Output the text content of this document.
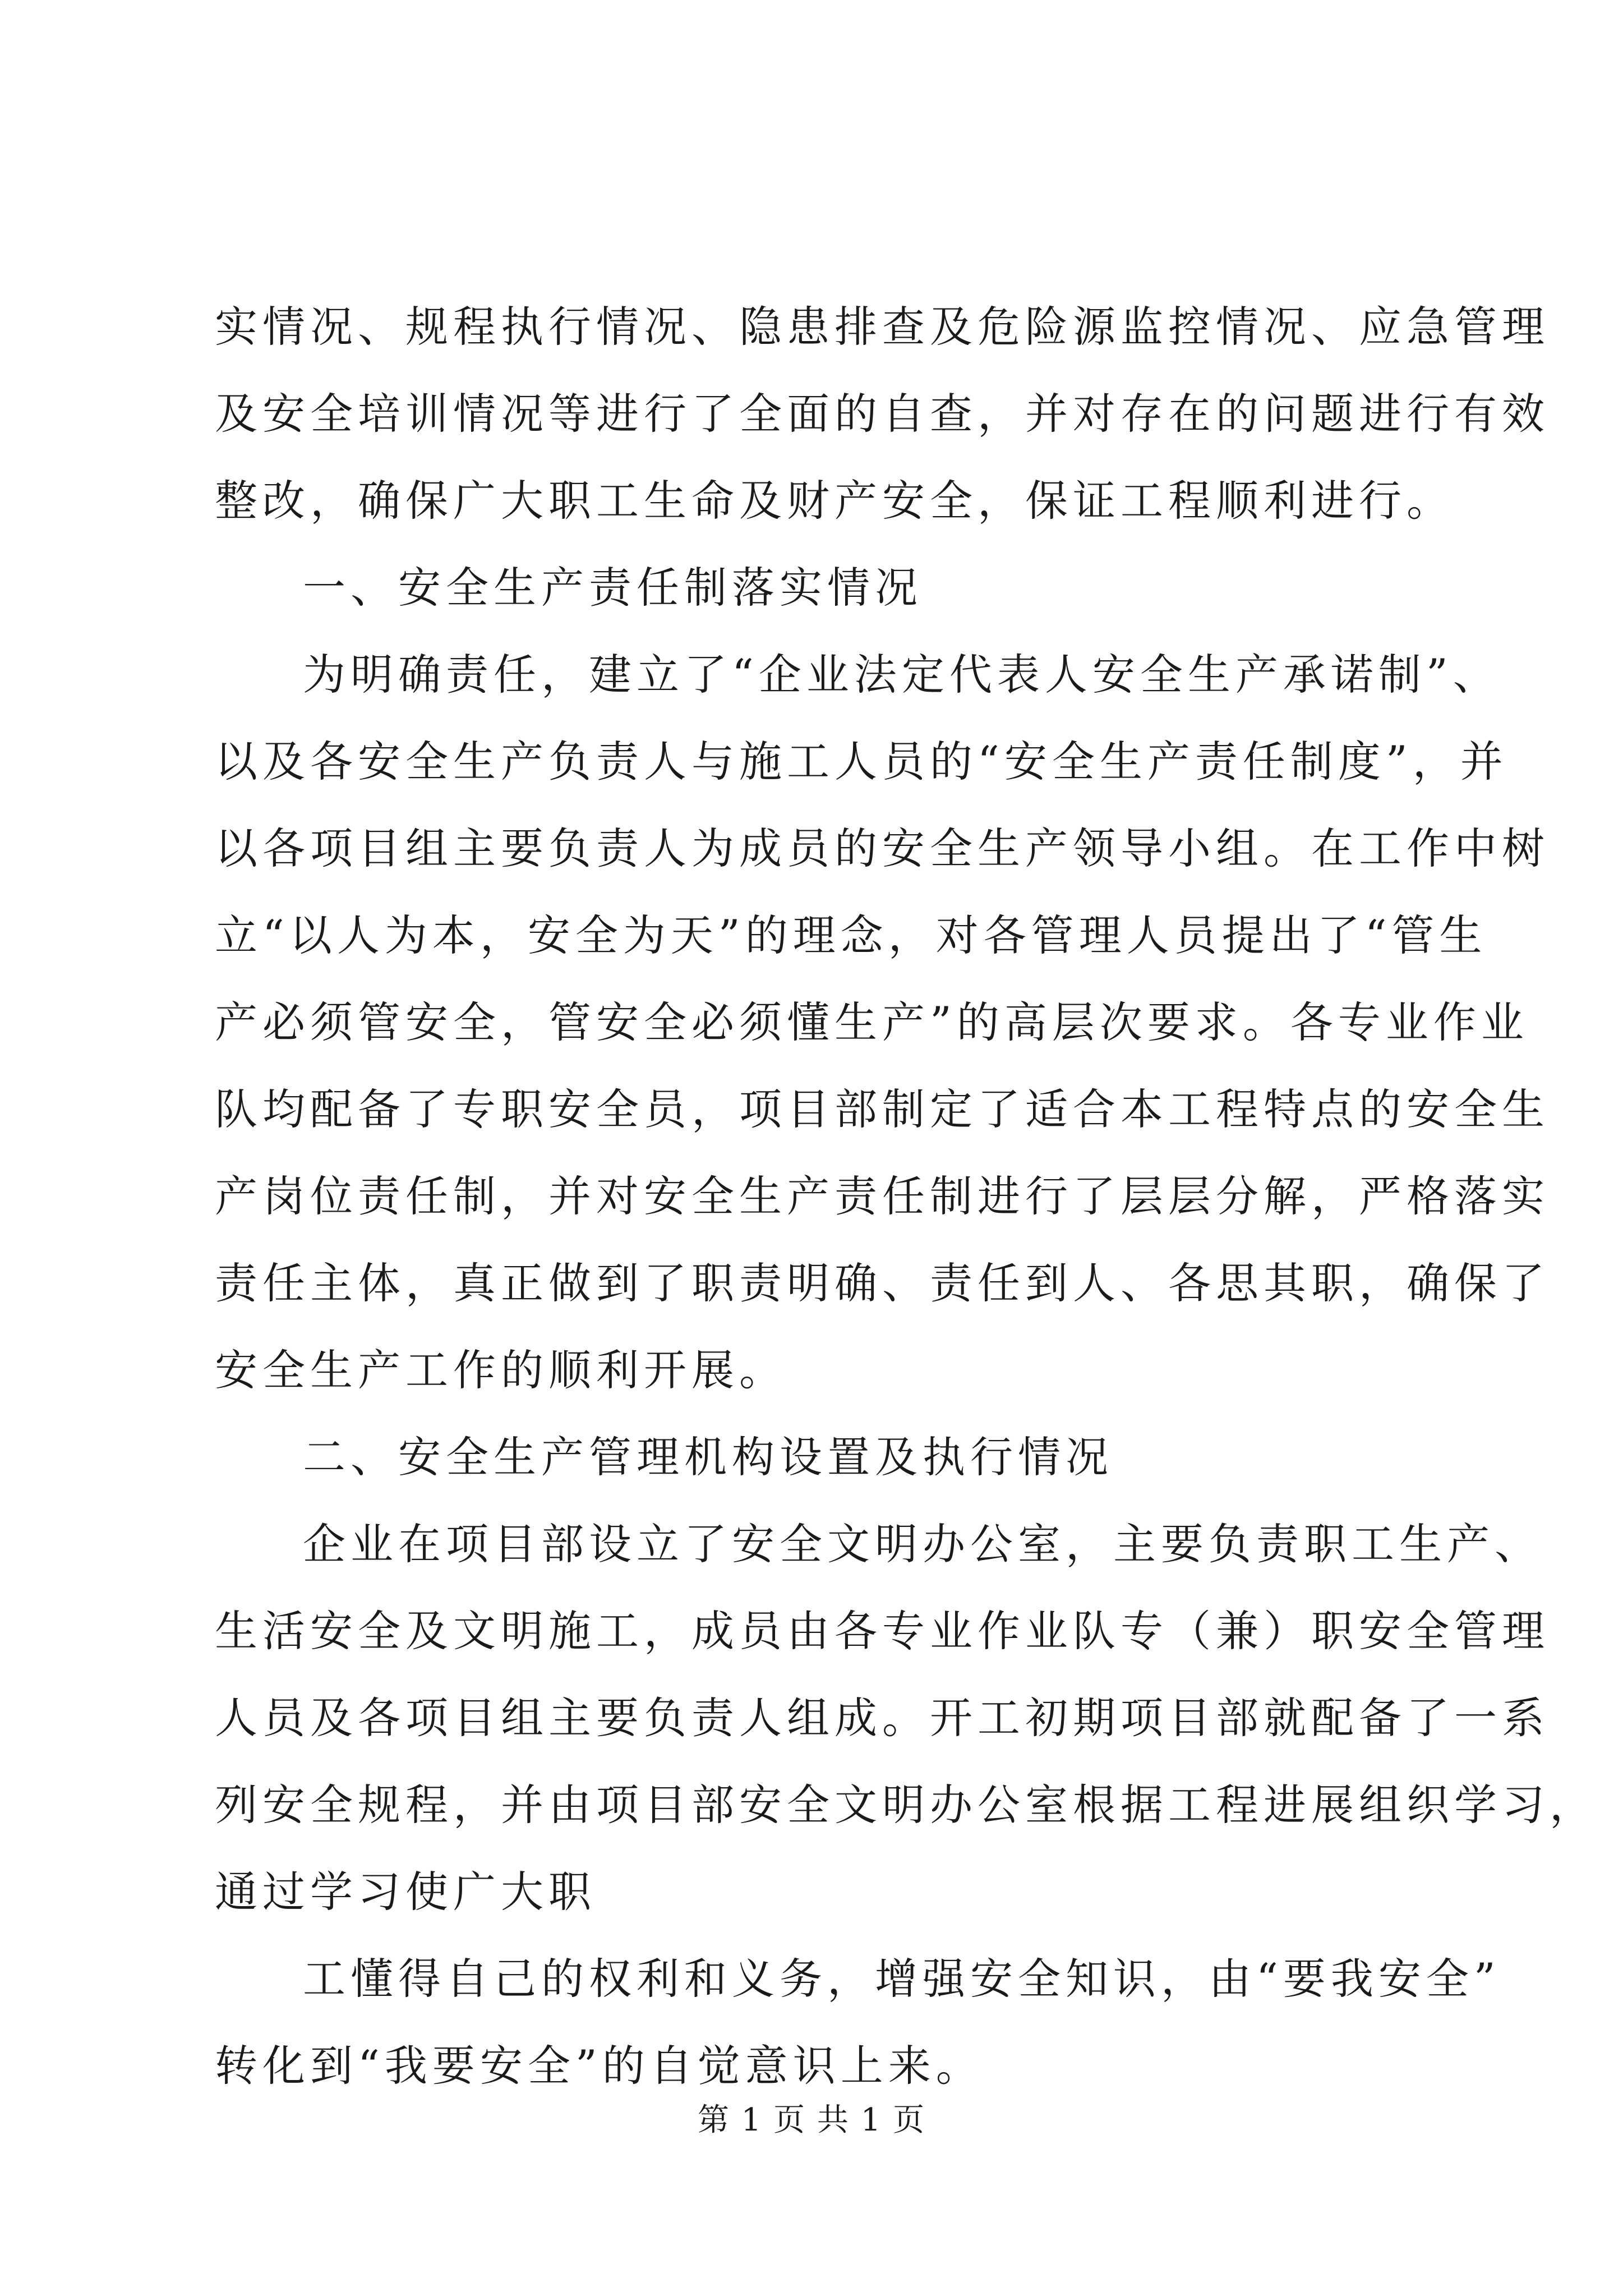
实情况、规程执行情况、隐患排查及危险源监控情况、应急管理
及安全培训情况等进行了全面的自查，并对存在的问题进行有效
整改，确保广大职工生命及财产安全，保证工程顺利进行。
一、安全生产责任制落实情况
为明确责任，建立了“企业法定代表人安全生产承诺制”、
以及各安全生产负责人与施工人员的“安全生产责任制度”，并
以各项目组主要负责人为成员的安全生产领导小组。在工作中树
立“以人为本，安全为天”的理念，对各管理人员提出了“管生
产必须管安全，管安全必须懂生产”的高层次要求。各专业作业
队均配备了专职安全员，项目部制定了适合本工程特点的安全生
产岗位责任制，并对安全生产责任制进行了层层分解，严格落实
责任主体，真正做到了职责明确、责任到人、各思其职，确保了
安全生产工作的顺利开展。
二、安全生产管理机构设置及执行情况
企业在项目部设立了安全文明办公室，主要负责职工生产、
生活安全及文明施工，成员由各专业作业队专（兼）职安全管理
人员及各项目组主要负责人组成。开工初期项目部就配备了一系
列安全规程，并由项目部安全文明办公室根据工程进展组织学习，
通过学习使广大职
工懂得自己的权利和义务，增强安全知识，由“要我安全”
转化到“我要安全”的自觉意识上来。
第 1 页 共 1 页
